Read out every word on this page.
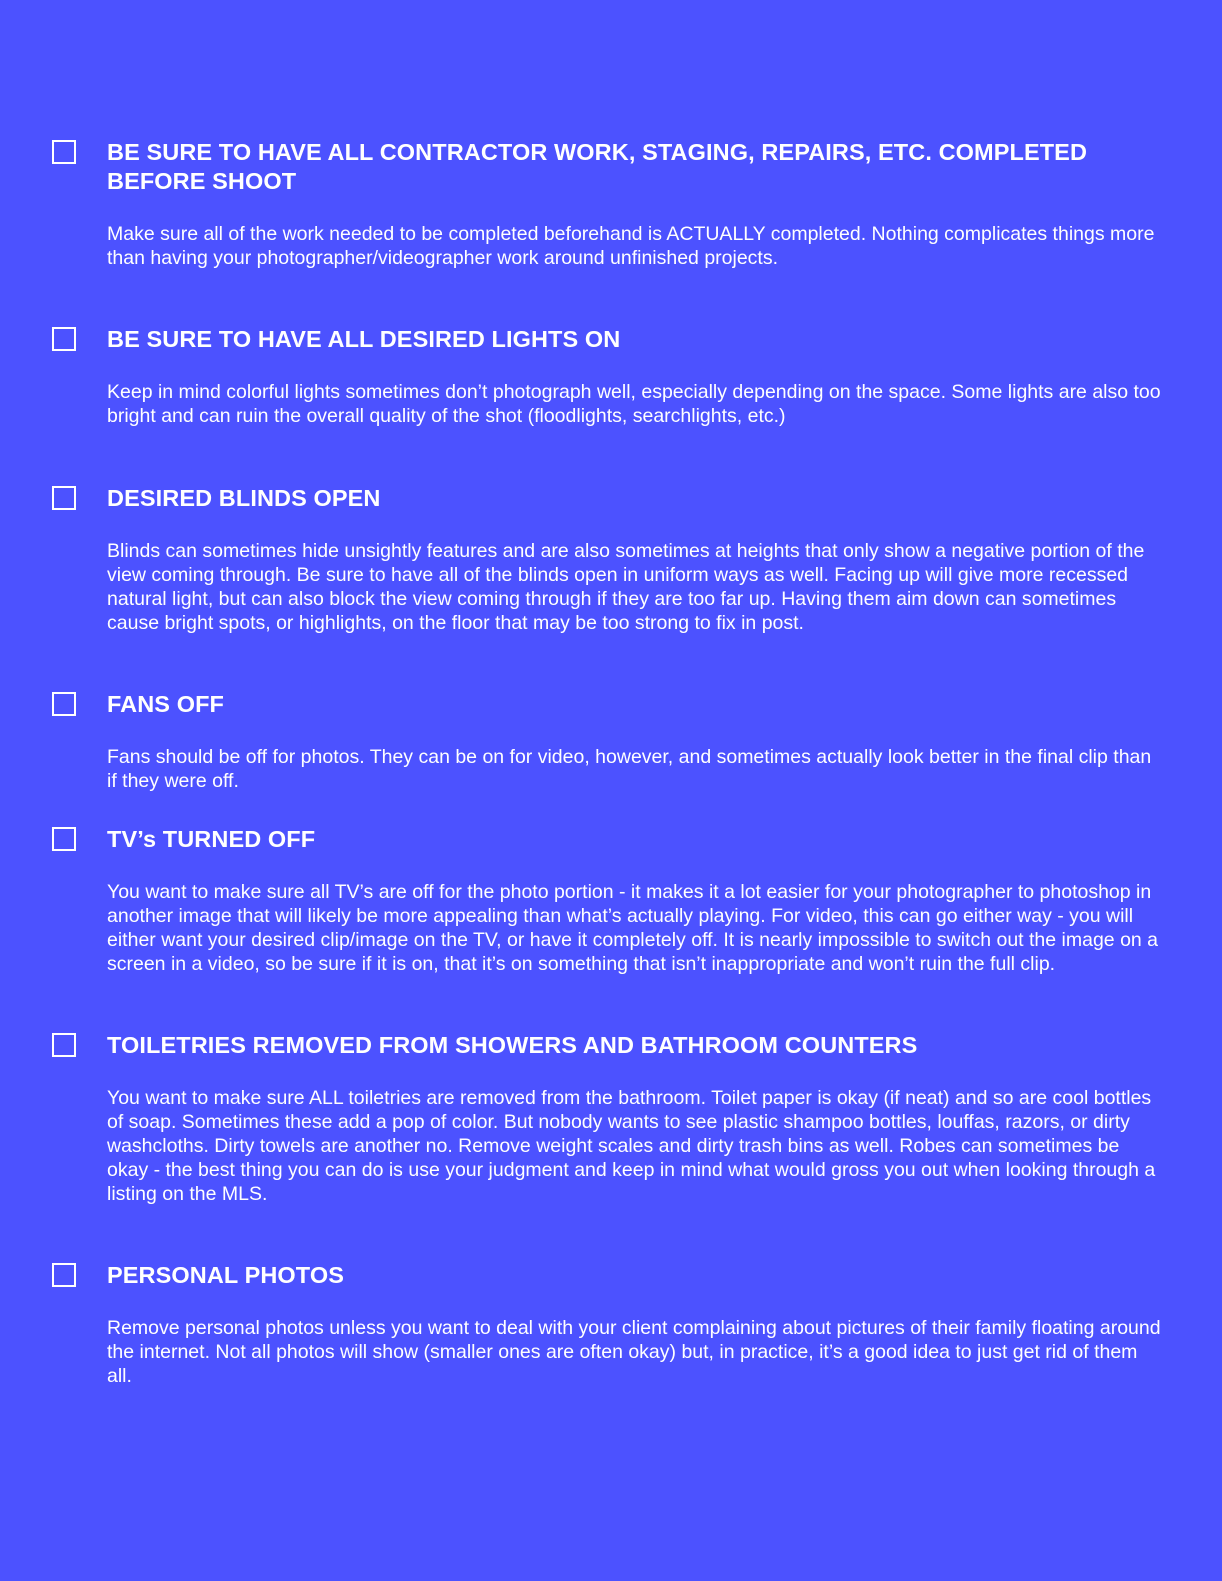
BE SURE TO HAVE ALL CONTRACTOR WORK, STAGING, REPAIRS, ETC. COMPLETED BEFORE SHOOT
Make sure all of the work needed to be completed beforehand is ACTUALLY completed. Nothing complicates things more than having your photographer/videographer work around unfinished projects.
BE SURE TO HAVE ALL DESIRED LIGHTS ON
Keep in mind colorful lights sometimes don’t photograph well, especially depending on the space. Some lights are also too bright and can ruin the overall quality of the shot (floodlights, searchlights, etc.)
DESIRED BLINDS OPEN
Blinds can sometimes hide unsightly features and are also sometimes at heights that only show a negative portion of the view coming through. Be sure to have all of the blinds open in uniform ways as well. Facing up will give more recessed natural light, but can also block the view coming through if they are too far up. Having them aim down can sometimes cause bright spots, or highlights, on the floor that may be too strong to fix in post.
FANS OFF
Fans should be off for photos. They can be on for video, however, and sometimes actually look better in the final clip than if they were off.
TV’s TURNED OFF
You want to make sure all TV’s are off for the photo portion - it makes it a lot easier for your photographer to photoshop in another image that will likely be more appealing than what’s actually playing. For video, this can go either way - you will either want your desired clip/image on the TV, or have it completely off. It is nearly impossible to switch out the image on a screen in a video, so be sure if it is on, that it’s on something that isn’t inappropriate and won’t ruin the full clip.
TOILETRIES REMOVED FROM SHOWERS AND BATHROOM COUNTERS
You want to make sure ALL toiletries are removed from the bathroom. Toilet paper is okay (if neat) and so are cool bottles of soap. Sometimes these add a pop of color. But nobody wants to see plastic shampoo bottles, louffas, razors, or dirty washcloths. Dirty towels are another no. Remove weight scales and dirty trash bins as well. Robes can sometimes be okay - the best thing you can do is use your judgment and keep in mind what would gross you out when looking through a listing on the MLS.
PERSONAL PHOTOS
Remove personal photos unless you want to deal with your client complaining about pictures of their family floating around the internet. Not all photos will show (smaller ones are often okay) but, in practice, it’s a good idea to just get rid of them all.
